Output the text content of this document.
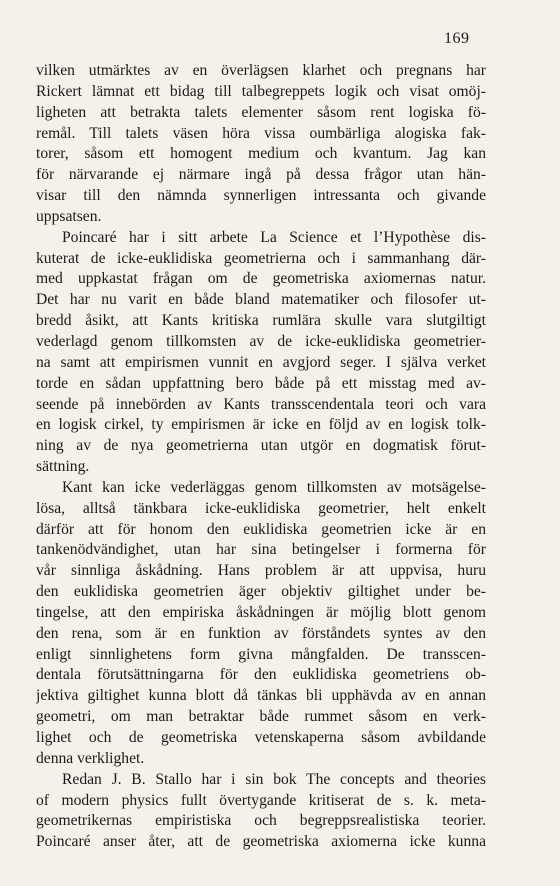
169
vilken utmärktes av en överlägsen klarhet och pregnans har
Rickert lämnat ett bidag till talbegreppets logik och visat omöj-
ligheten att betrakta talets elementer såsom rent logiska fö-
remål. Till talets väsen höra vissa oumbärliga alogiska fak-
torer, såsom ett homogent medium och kvantum. Jag kan
för närvarande ej närmare ingå på dessa frågor utan hän-
visar till den nämnda synnerligen intressanta och givande
uppsatsen.
Poincaré har i sitt arbete La Science et l’Hypothèse dis-
kuterat de icke-euklidiska geometrierna och i sammanhang där-
med uppkastat frågan om de geometriska axiomernas natur.
Det har nu varit en både bland matematiker och filosofer ut-
bredd åsikt, att Kants kritiska rumlära skulle vara slutgiltigt
vederlagd genom tillkomsten av de icke-euklidiska geometrier-
na samt att empirismen vunnit en avgjord seger. I själva verket
torde en sådan uppfattning bero både på ett misstag med av-
seende på innebörden av Kants transscendentala teori och vara
en logisk cirkel, ty empirismen är icke en följd av en logisk tolk-
ning av de nya geometrierna utan utgör en dogmatisk förut-
sättning.
Kant kan icke vederläggas genom tillkomsten av motsägelse-
lösa, alltså tänkbara icke-euklidiska geometrier, helt enkelt
därför att för honom den euklidiska geometrien icke är en
tankenödvändighet, utan har sina betingelser i formerna för
vår sinnliga åskådning. Hans problem är att uppvisa, huru
den euklidiska geometrien äger objektiv giltighet under be-
tingelse, att den empiriska åskådningen är möjlig blott genom
den rena, som är en funktion av förståndets syntes av den
enligt sinnlighetens form givna mångfalden. De transscen-
dentala förutsättningarna för den euklidiska geometriens ob-
jektiva giltighet kunna blott då tänkas bli upphävda av en annan
geometri, om man betraktar både rummet såsom en verk-
lighet och de geometriska vetenskaperna såsom avbildande
denna verklighet.
Redan J. B. Stallo har i sin bok The concepts and theories
of modern physics fullt övertygande kritiserat de s. k. meta-
geometrikernas empiristiska och begreppsrealistiska teorier.
Poincaré anser åter, att de geometriska axiomerna icke kunna
